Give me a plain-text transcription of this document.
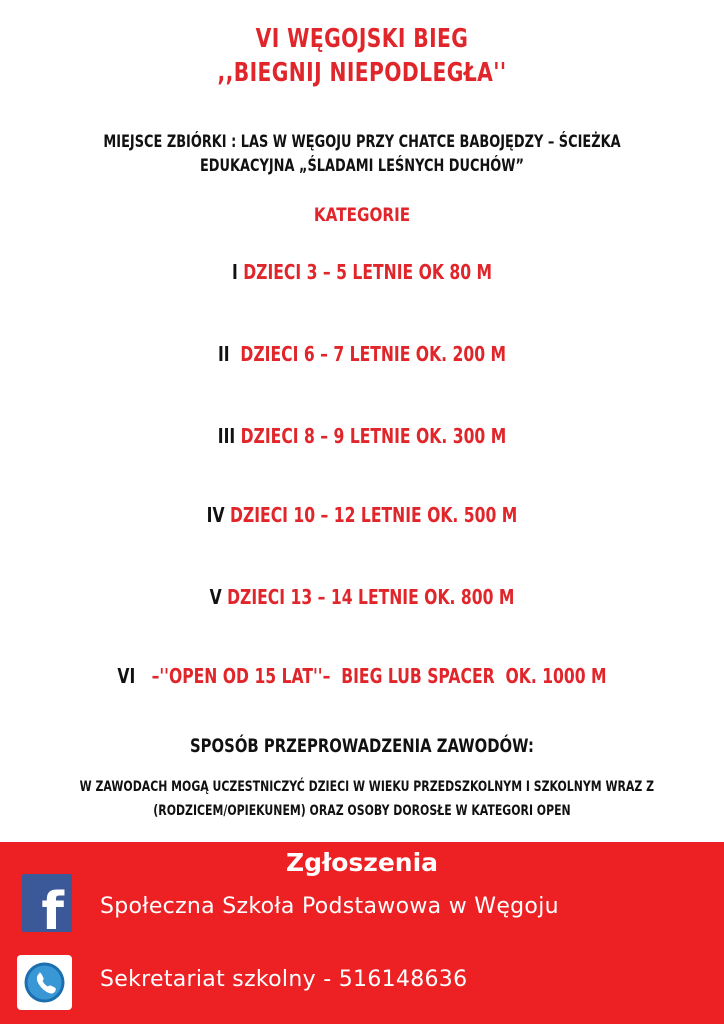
VI WĘGOJSKI BIEG
,,BIEGNIJ NIEPODLEGŁA''
MIEJSCE ZBIÓRKI : LAS W WĘGOJU PRZY CHATCE BABOJĘDZY – ŚCIEŻKA
EDUKACYJNA „ŚLADAMI LEŚNYCH DUCHÓW”
KATEGORIE
I DZIECI 3 – 5 LETNIE OK 80 M
II  DZIECI 6 – 7 LETNIE OK. 200 M
III DZIECI 8 – 9 LETNIE OK. 300 M
IV DZIECI 10 – 12 LETNIE OK. 500 M
V DZIECI 13 – 14 LETNIE OK. 800 M
VI   –''OPEN OD 15 LAT''–  BIEG LUB SPACER  OK. 1000 M
SPOSÓB PRZEPROWADZENIA ZAWODÓW:
W ZAWODACH MOGĄ UCZESTNICZYĆ DZIECI W WIEKU PRZEDSZKOLNYM I SZKOLNYM WRAZ Z
(RODZICEM/OPIEKUNEM) ORAZ OSOBY DOROSŁE W KATEGORI OPEN
Zgłoszenia
f Społeczna Szkoła Podstawowa w Węgoju
Sekretariat szkolny - 516148636
